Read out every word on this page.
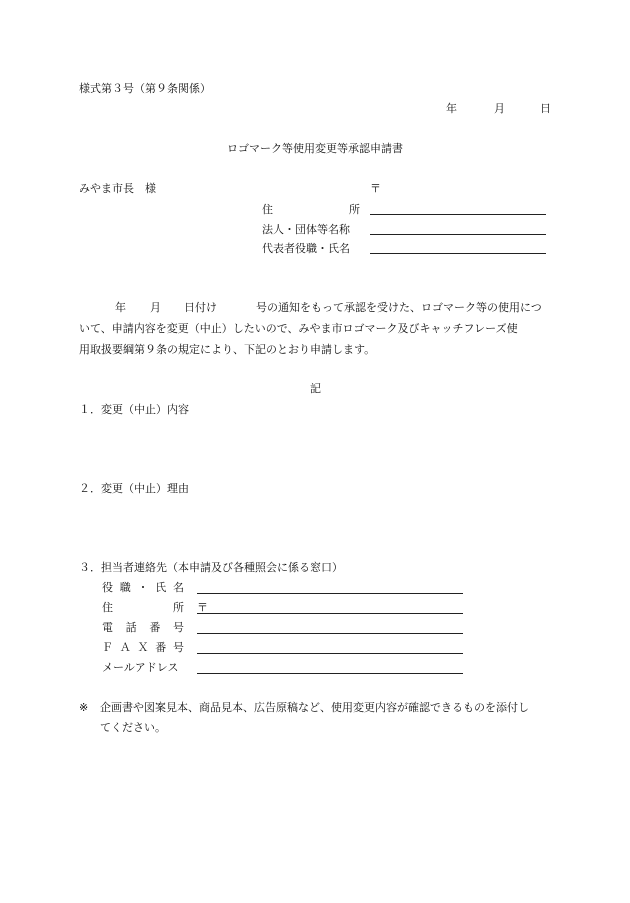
様式第３号（第９条関係）
年	月	日
ロゴマーク等使用変更等承認申請書
みやま市長　様	〒
住	所
法人・団体等名称
代表者役職・氏名
年 月 日付け	号の通知をもって承認を受けた、ロゴマーク等の使用につ
いて、申請内容を変更（中止）したいので、みやま市ロゴマーク及びキャッチフレーズ使
用取扱要綱第９条の規定により、下記のとおり申請します。
記
１．変更（中止）内容
２．変更（中止）理由
３．担当者連絡先（本申請及び各種照会に係る窓口）
役 職 ・ 氏 名
住	所 〒
電 話 番 号
Ｆ Ａ Ｘ 番 号
メールアドレス
※ 企画書や図案見本、商品見本、広告原稿など、使用変更内容が確認できるものを添付し
てください。
